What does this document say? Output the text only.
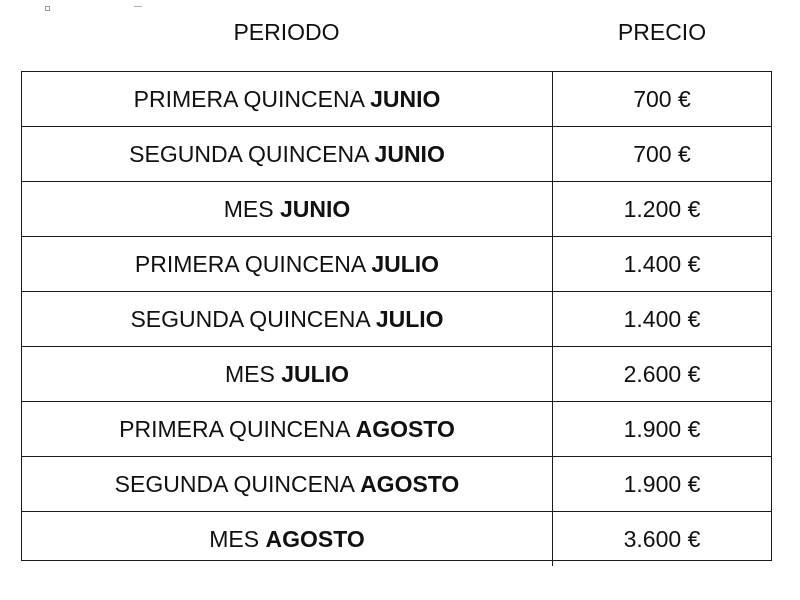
PERIODO	PRECIO
PRIMERA QUINCENA JUNIO	700 €
SEGUNDA QUINCENA JUNIO	700 €
MES JUNIO	1.200 €
PRIMERA QUINCENA JULIO	1.400 €
SEGUNDA QUINCENA JULIO	1.400 €
MES JULIO	2.600 €
PRIMERA QUINCENA AGOSTO	1.900 €
SEGUNDA QUINCENA AGOSTO	1.900 €
MES AGOSTO	3.600 €
